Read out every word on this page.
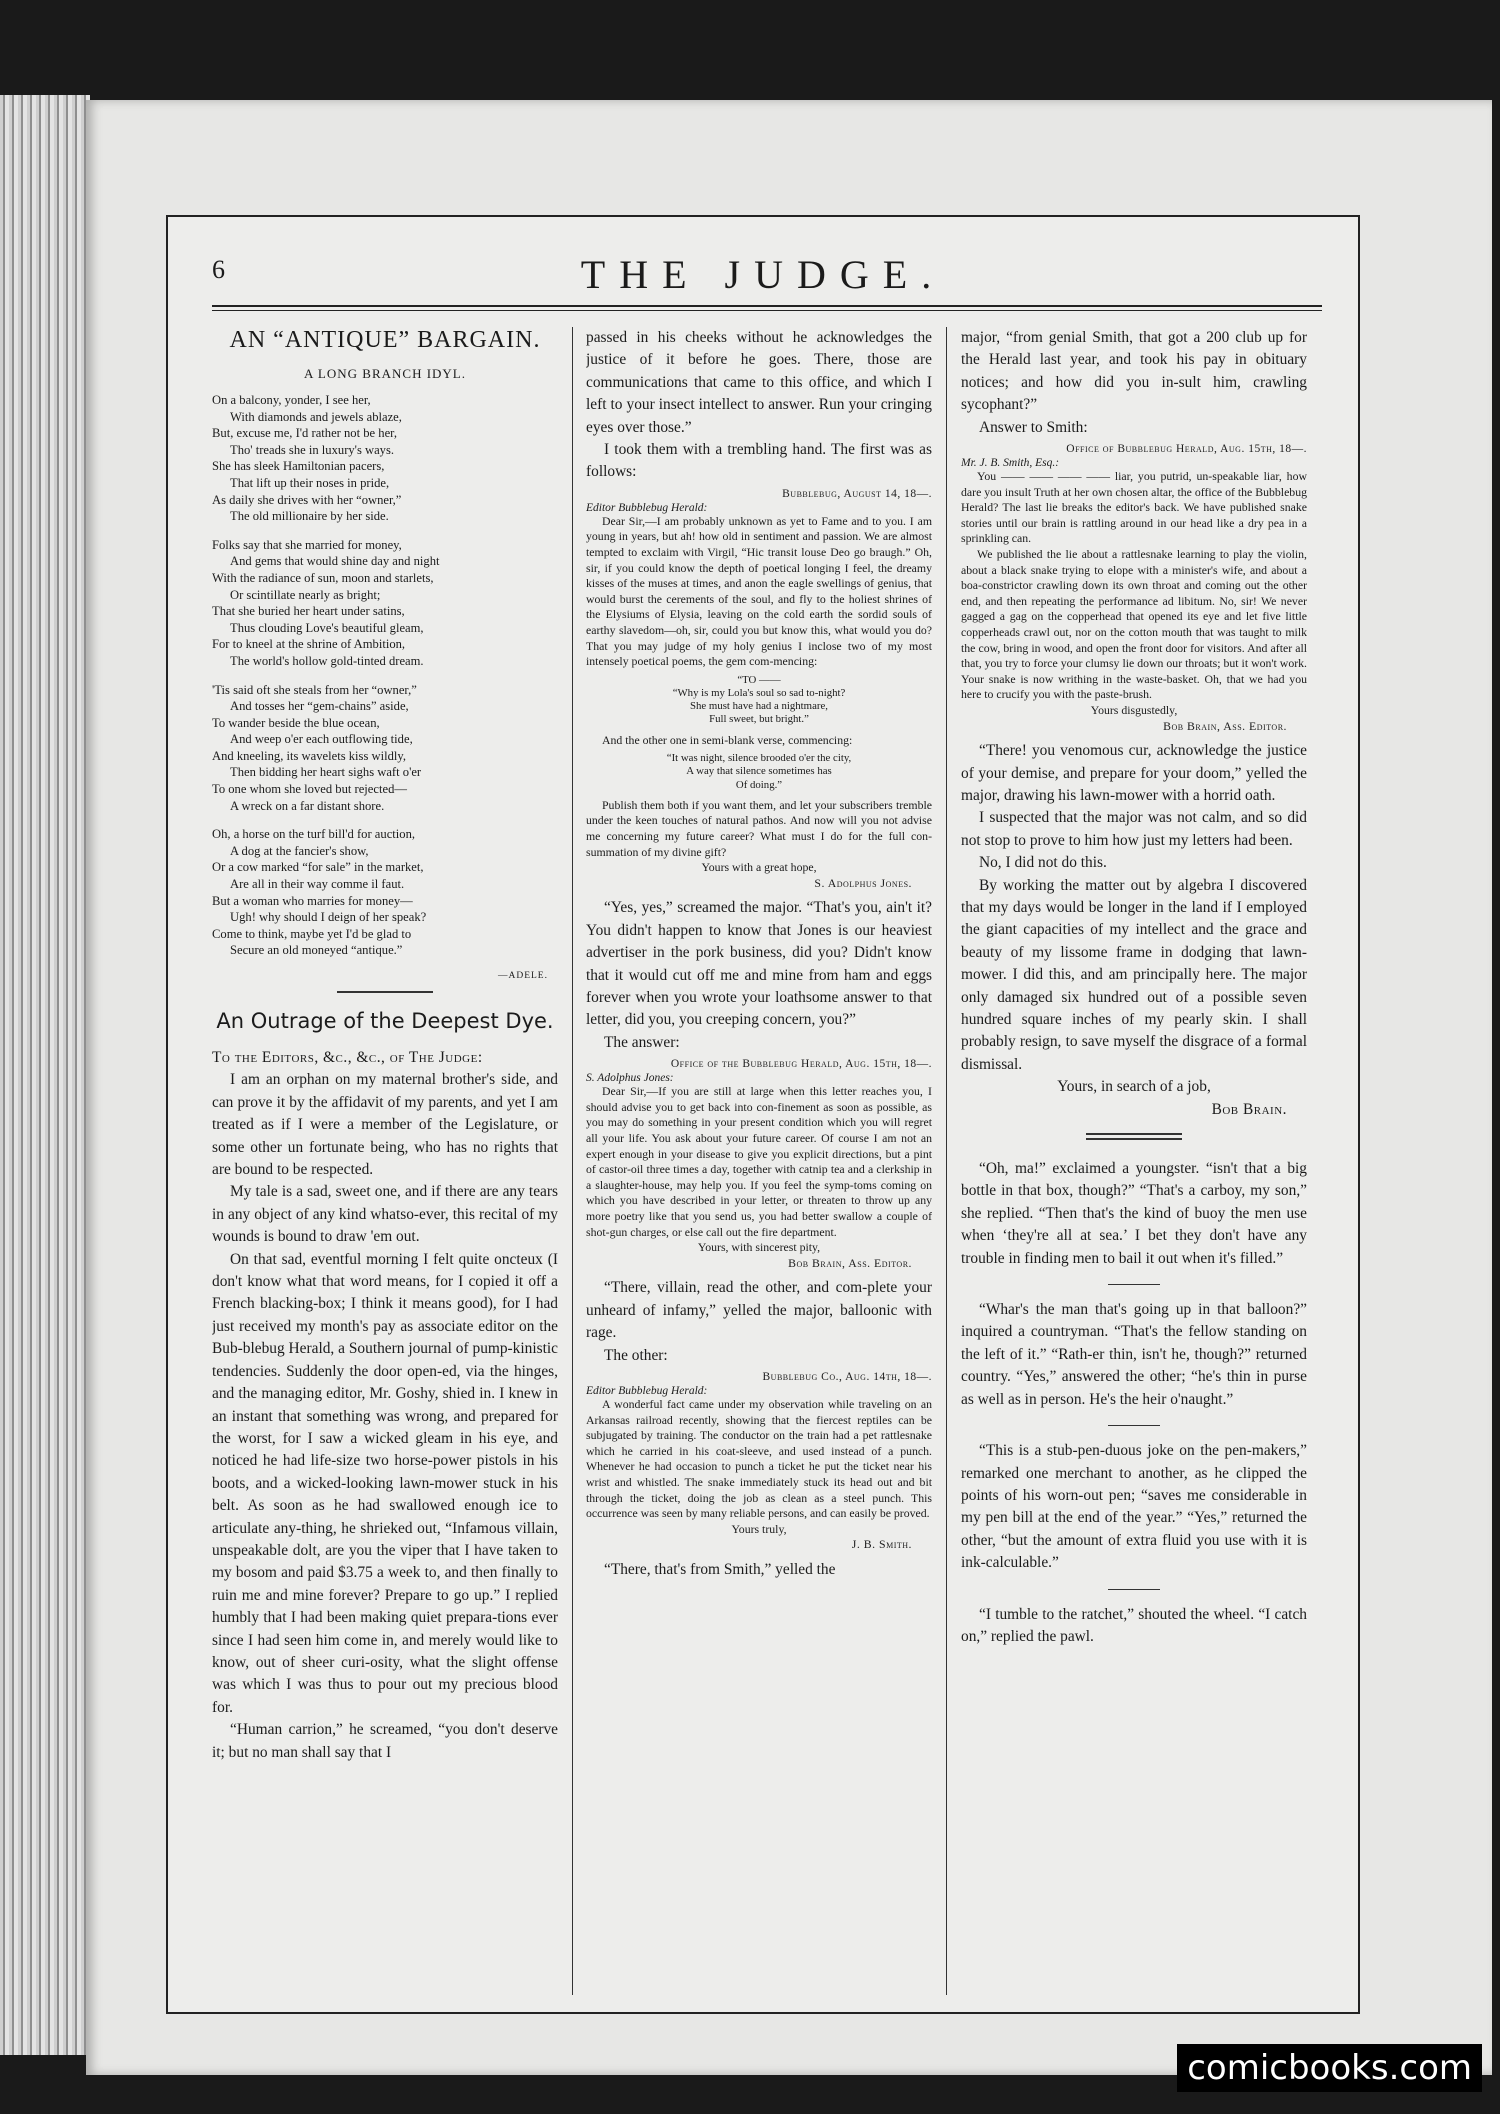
6	THE JUDGE.
AN “ANTIQUE” BARGAIN.
A LONG BRANCH IDYL.

On a balcony, yonder, I see her,

With diamonds and jewels ablaze,

But, excuse me, I'd rather not be her,

Tho' treads she in luxury's ways.

She has sleek Hamiltonian pacers,

That lift up their noses in pride,

As daily she drives with her “owner,”

The old millionaire by her side.

Folks say that she married for money,

And gems that would shine day and night

With the radiance of sun, moon and starlets,

Or scintillate nearly as bright;

That she buried her heart under satins,

Thus clouding Love's beautiful gleam,

For to kneel at the shrine of Ambition,

The world's hollow gold-tinted dream.

'Tis said oft she steals from her “owner,”

And tosses her “gem-chains” aside,

To wander beside the blue ocean,

And weep o'er each outflowing tide,

And kneeling, its wavelets kiss wildly,

Then bidding her heart sighs waft o'er

To one whom she loved but rejected—

A wreck on a far distant shore.

Oh, a horse on the turf bill'd for auction,

A dog at the fancier's show,

Or a cow marked “for sale” in the market,

Are all in their way comme il faut.

But a woman who marries for money—

Ugh! why should I deign of her speak?

Come to think, maybe yet I'd be glad to

Secure an old moneyed “antique.”

—ADELE.
An Outrage of the Deepest Dye.

To the Editors, &c., &c., of The Judge:

I am an orphan on my maternal brother's side, and can prove it by the affidavit of my parents, and yet I am treated as if I were a member of the Legislature, or some other un fortunate being, who has no rights that are bound to be respected.

My tale is a sad, sweet one, and if there are any tears in any object of any kind whatso-ever, this recital of my wounds is bound to draw 'em out.

On that sad, eventful morning I felt quite oncteux (I don't know what that word means, for I copied it off a French blacking-box; I think it means good), for I had just received my month's pay as associate editor on the Bub-blebug Herald, a Southern journal of pump-kinistic tendencies. Suddenly the door open-ed, via the hinges, and the managing editor, Mr. Goshy, shied in. I knew in an instant that something was wrong, and prepared for the worst, for I saw a wicked gleam in his eye, and noticed he had life-size two horse-power pistols in his boots, and a wicked-looking lawn-mower stuck in his belt. As soon as he had swallowed enough ice to articulate any-thing, he shrieked out, “Infamous villain, unspeakable dolt, are you the viper that I have taken to my bosom and paid $3.75 a week to, and then finally to ruin me and mine forever? Prepare to go up.” I replied humbly that I had been making quiet prepara-tions ever since I had seen him come in, and merely would like to know, out of sheer curi-osity, what the slight offense was which I was thus to pour out my precious blood for.

“Human carrion,” he screamed, “you don't deserve it; but no man shall say that I

passed in his cheeks without he acknowledges the justice of it before he goes. There, those are communications that came to this office, and which I left to your insect intellect to answer. Run your cringing eyes over those.”

I took them with a trembling hand. The first was as follows:

Bubblebug, August 14, 18—.

Editor Bubblebug Herald:

Dear Sir,—I am probably unknown as yet to Fame and to you. I am young in years, but ah! how old in sentiment and passion. We are almost tempted to exclaim with Virgil, “Hic transit louse Deo go braugh.” Oh, sir, if you could know the depth of poetical longing I feel, the dreamy kisses of the muses at times, and anon the eagle swellings of genius, that would burst the cerements of the soul, and fly to the holiest shrines of the Elysiums of Elysia, leaving on the cold earth the sordid souls of earthy slavedom—oh, sir, could you but know this, what would you do? That you may judge of my holy genius I inclose two of my most intensely poetical poems, the gem com-mencing:

“TO ——
“Why is my Lola's soul so sad to-night?
She must have had a nightmare,
Full sweet, but bright.”

And the other one in semi-blank verse, commencing:

“It was night, silence brooded o'er the city,
A way that silence sometimes has
Of doing.”

Publish them both if you want them, and let your subscribers tremble under the keen touches of natural pathos. And now will you not advise me concerning my future career? What must I do for the full con-summation of my divine gift?

Yours with a great hope,

S. Adolphus Jones.

“Yes, yes,” screamed the major. “That's you, ain't it? You didn't happen to know that Jones is our heaviest advertiser in the pork business, did you? Didn't know that it would cut off me and mine from ham and eggs forever when you wrote your loathsome answer to that letter, did you, you creeping concern, you?”

The answer:

Office of the Bubblebug Herald, Aug. 15th, 18—.

S. Adolphus Jones:

Dear Sir,—If you are still at large when this letter reaches you, I should advise you to get back into con-finement as soon as possible, as you may do something in your present condition which you will regret all your life. You ask about your future career. Of course I am not an expert enough in your disease to give you explicit directions, but a pint of castor-oil three times a day, together with catnip tea and a clerkship in a slaughter-house, may help you. If you feel the symp-toms coming on which you have described in your letter, or threaten to throw up any more poetry like that you send us, you had better swallow a couple of shot-gun charges, or else call out the fire department.

Yours, with sincerest pity,

Bob Brain, Ass. Editor.

“There, villain, read the other, and com-plete your unheard of infamy,” yelled the major, balloonic with rage.

The other:

Bubblebug Co., Aug. 14th, 18—.

Editor Bubblebug Herald:

A wonderful fact came under my observation while traveling on an Arkansas railroad recently, showing that the fiercest reptiles can be subjugated by training. The conductor on the train had a pet rattlesnake which he carried in his coat-sleeve, and used instead of a punch. Whenever he had occasion to punch a ticket he put the ticket near his wrist and whistled. The snake immediately stuck its head out and bit through the ticket, doing the job as clean as a steel punch. This occurrence was seen by many reliable persons, and can easily be proved.

Yours truly,

J. B. Smith.

“There, that's from Smith,” yelled the

major, “from genial Smith, that got a 200 club up for the Herald last year, and took his pay in obituary notices; and how did you in-sult him, crawling sycophant?”

Answer to Smith:

Office of Bubblebug Herald, Aug. 15th, 18—.

Mr. J. B. Smith, Esq.:

You —— —— —— —— liar, you putrid, un-speakable liar, how dare you insult Truth at her own chosen altar, the office of the Bubblebug Herald? The last lie breaks the editor's back. We have published snake stories until our brain is rattling around in our head like a dry pea in a sprinkling can.

We published the lie about a rattlesnake learning to play the violin, about a black snake trying to elope with a minister's wife, and about a boa-constrictor crawling down its own throat and coming out the other end, and then repeating the performance ad libitum. No, sir! We never gagged a gag on the copperhead that opened its eye and let five little copperheads crawl out, nor on the cotton mouth that was taught to milk the cow, bring in wood, and open the front door for visitors. And after all that, you try to force your clumsy lie down our throats; but it won't work. Your snake is now writhing in the waste-basket. Oh, that we had you here to crucify you with the paste-brush.

Yours disgustedly,

Bob Brain, Ass. Editor.

“There! you venomous cur, acknowledge the justice of your demise, and prepare for your doom,” yelled the major, drawing his lawn-mower with a horrid oath.

I suspected that the major was not calm, and so did not stop to prove to him how just my letters had been.

No, I did not do this.

By working the matter out by algebra I discovered that my days would be longer in the land if I employed the giant capacities of my intellect and the grace and beauty of my lissome frame in dodging that lawn-mower. I did this, and am principally here. The major only damaged six hundred out of a possible seven hundred square inches of my pearly skin. I shall probably resign, to save myself the disgrace of a formal dismissal.

Yours, in search of a job,

Bob Brain.

“Oh, ma!” exclaimed a youngster. “isn't that a big bottle in that box, though?” “That's a carboy, my son,” she replied. “Then that's the kind of buoy the men use when ‘they're all at sea.’ I bet they don't have any trouble in finding men to bail it out when it's filled.”

“Whar's the man that's going up in that balloon?” inquired a countryman. “That's the fellow standing on the left of it.” “Rath-er thin, isn't he, though?” returned country. “Yes,” answered the other; “he's thin in purse as well as in person. He's the heir o'naught.”

“This is a stub-pen-duous joke on the pen-makers,” remarked one merchant to another, as he clipped the points of his worn-out pen; “saves me considerable in my pen bill at the end of the year.” “Yes,” returned the other, “but the amount of extra fluid you use with it is ink-calculable.”

“I tumble to the ratchet,” shouted the wheel. “I catch on,” replied the pawl.

comicbooks.com
